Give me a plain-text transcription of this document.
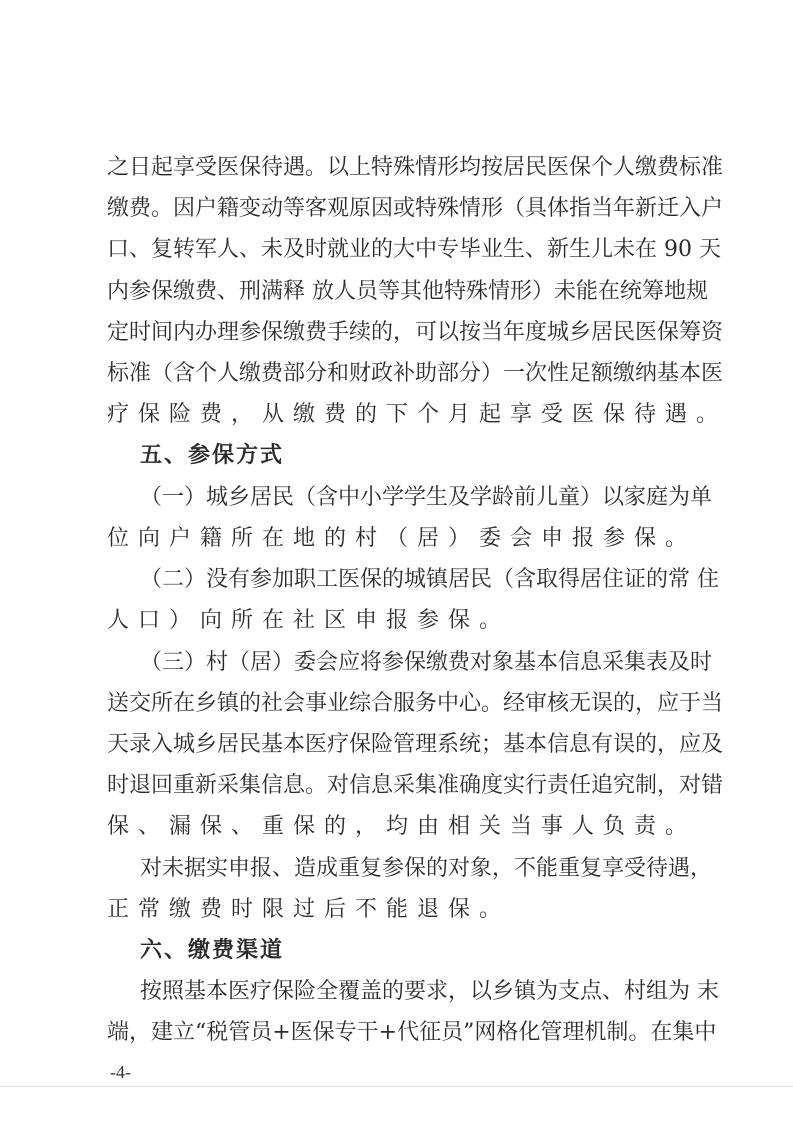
之日起享受医保待遇。以上特殊情形均按居民医保个人缴费标准
缴费。因户籍变动等客观原因或特殊情形（具体指当年新迁入户
口、复转军人、未及时就业的大中专毕业生、新生儿未在 90 天
内参保缴费、刑满释 放人员等其他特殊情形）未能在统筹地规
定时间内办理参保缴费手续的，可以按当年度城乡居民医保筹资
标准（含个人缴费部分和财政补助部分）一次性足额缴纳基本医
疗保险费，从缴费的下个月起享受医保待遇。
五、参保方式
（一）城乡居民（含中小学学生及学龄前儿童）以家庭为单
位向户籍所在地的村（居）委会申报参保。
（二）没有参加职工医保的城镇居民（含取得居住证的常 住
人口）向所在社区申报参保。
（三）村（居）委会应将参保缴费对象基本信息采集表及时
送交所在乡镇的社会事业综合服务中心。经审核无误的，应于当
天录入城乡居民基本医疗保险管理系统；基本信息有误的，应及
时退回重新采集信息。对信息采集准确度实行责任追究制，对错
保、漏保、重保的，均由相关当事人负责。
对未据实申报、造成重复参保的对象，不能重复享受待遇，
正常缴费时限过后不能退保。
六、缴费渠道
按照基本医疗保险全覆盖的要求，以乡镇为支点、村组为 末
端，建立“税管员+医保专干+代征员”网格化管理机制。在集中
-4-
